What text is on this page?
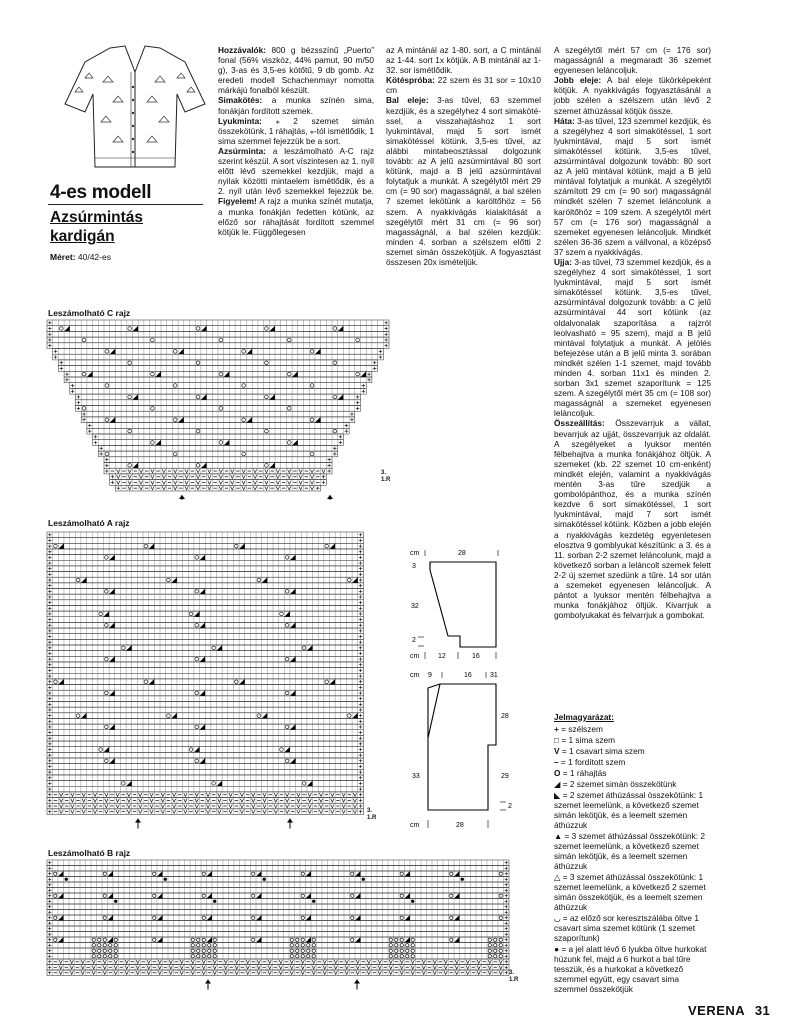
4-es modell
Azsúrmintás
kardigán
Méret: 40/42-es

Hozzávalók: 800 g bézsszínű „Puerto” fonal (56% viszkóz, 44% pamut, 90 m/50 g), 3-as és 3,5-es kötőtű, 9 db gomb. Az eredeti modell Schachenmayr nomotta márkájú fonalból készült.

Simakötés: a munka színén sima, fonákján fordított szemek.

Lyukminta: ⁎ 2 szemet simán összekötünk, 1 ráhajtás, ⁎-tól ismétlődik, 1 sima szemmel fejezzük be a sort.

Azsúrminta: a leszámolható A-C rajz szerint készül. A sort víszintesen az 1. nyíl előtt lévő szemekkel kezdjük, majd a nyilak közötti mintaelem ismétlődik, és a 2. nyíl után lévő szemekkel fejezzük be. Figyelem! A rajz a munka színét mutatja, a munka fonákján fedetten kötünk, az előző sor ráhajtását fordított szemmel kötjük le. Függőlegesen

az A mintánál az 1-80. sort, a C mintánál az 1-44. sort 1x kötjük. A B mintánál az 1-32. sor ismétlődik.

Kötéspróba: 22 szem és 31 sor = 10x10 cm

Bal eleje: 3-as tűvel, 63 szemmel kezdjük, és a szegélyhez 4 sort simakötéssel, a visszahajtáshoz 1 sort lyukmintával, majd 5 sort ismét simakötéssel kötünk. 3,5-es tűvel, az alábbi mintabeosztással dolgozunk tovább: az A jelű azsúrmintával 80 sort kötünk, majd a B jelű azsúrmintával folytatjuk a munkát. A szegélytől mért 29 cm (= 90 sor) magasságnál, a bal szélen 7 szemet lekötünk a karöltőhöz = 56 szem. A nyakkivágás kialakítását a szegélytől mért 31 cm (= 96 sor) magasságnál, a bal szélen kezdjük: minden 4. sorban a szélszem előtti 2 szemet simán összekötjük. A fogyasztást összesen 20x ismételjük.

A szegélytől mért 57 cm (= 176 sor) magasságnál a megmaradt 36 szemet egyenesen leláncoljuk.

Jobb eleje: A bal eleje tükörképeként kötjük. A nyakkivágás fogyasztásánál a jobb szélen a szélszem után lévő 2 szemet áthúzással kötjük össze.

Háta: 3-as tűvel, 123 szemmel kezdjük, és a szegélyhez 4 sort simakötéssel, 1 sort lyukmintával, majd 5 sort ismét simakötéssel kötünk. 3,5-es tűvel, azsúrmintával dolgozunk tovább: 80 sort az A jelű mintával kötünk, majd a B jelű mintával folytatjuk a munkát. A szegélytől számított 29 cm (= 90 sor) magasságnál mindkét szélen 7 szemet leláncolunk a karöltőhöz = 109 szem. A szegélytől mért 57 cm (= 176 sor) magasságnál a szemeket egyenesen leláncoljuk. Mindkét szélen 36-36 szem a vállvonal, a középső 37 szem a nyakkivágás.

Ujja: 3-as tűvel, 73 szemmel kezdjük, és a szegélyhez 4 sort simakötéssel, 1 sort lyukmintával, majd 5 sort ismét simakötéssel kötünk. 3,5-es tűvel, azsúrmintával dolgozunk tovább: a C jelű azsúrmintával 44 sort kötünk (az oldalvonalak szaporítása a rajzról leolvasható = 95 szem), majd a B jelű mintával folytatjuk a munkát. A jelölés befejezése után a B jelű minta 3. sorában mindkét szélen 1-1 szemet, majd tovább minden 4. sorban 11x1 és minden 2. sorban 3x1 szemet szaporítunk = 125 szem. A szegélytől mért 35 cm (= 108 sor) magasságnál a szemeket egyenesen leláncoljuk.

Összeállítás: Összevarrjuk a vállat, bevarrjuk az ujját, összevarrjuk az oldalát. A szegélyeket a lyuksor mentén félbehajtva a munka fonákjához öltjük. A szemeket (kb. 22 szemet 10 cm-enként) mindkét elején, valamint a nyakkivágás mentén 3-as tűre szedjük a gombolópánthoz, és a munka színén kezdve 6 sort simakötéssel, 1 sort lyukmintával, majd 7 sort ismét simakötéssel kötünk. Közben a jobb elején a nyakkivágás kezdetég egyenletesen elosztva 9 gomblyukat készítünk: a 3. és a 11. sorban 2-2 szemet leláncolunk, majd a következő sorban a leláncolt szemek felett 2-2 új szemet szedünk a tűre. 14 sor után a szemeket egyenesen leláncoljuk. A pántot a lyuksor mentén félbehajtva a munka fonákjához öltjük. Kivarrjuk a gombolyukakat és felvarrjuk a gombokat.

Jelmagyarázat:
+ = szélszem
□ = 1 sima szem
V = 1 csavart sima szem
– = 1 fordított szem
O = 1 ráhajtás
◢ = 2 szemet simán összekötünk
◣ = 2 szemet áthúzással összekötünk: 1 szemet leemelünk, a következő szemet simán lekötjük, és a leemelt szemen áthúzzuk
▲ = 3 szemet áthúzással összekötünk: 2 szemet leemelünk, a következő szemet simán lekötjük, és a leemelt szemen áthúzzuk
△ = 3 szemet áthúzással összekötünk: 1 szemet leemelünk, a következő 2 szemet simán összekötjük, és a leemelt szemen áthúzzuk
◡ = az előző sor keresztszálába öltve 1 csavart sima szemet kötünk (1 szemet szaporítunk)
● = a jel alatt lévő 6 lyukba öltve hurkokat húzunk fel, majd a 6 hurkot a bal tűre tesszük, és a hurkokat a következő szemmel együtt, egy csavart sima szemmel összekötjük
Leszámolható C rajz
Leszámolható A rajz
Leszámolható B rajz
3.
1.R
3.
1.R
3.
1.R
cm	28
3
32
2
cm	12	16
cm 9	16	31
28
29
33
2
cm	28
VERENA 31
